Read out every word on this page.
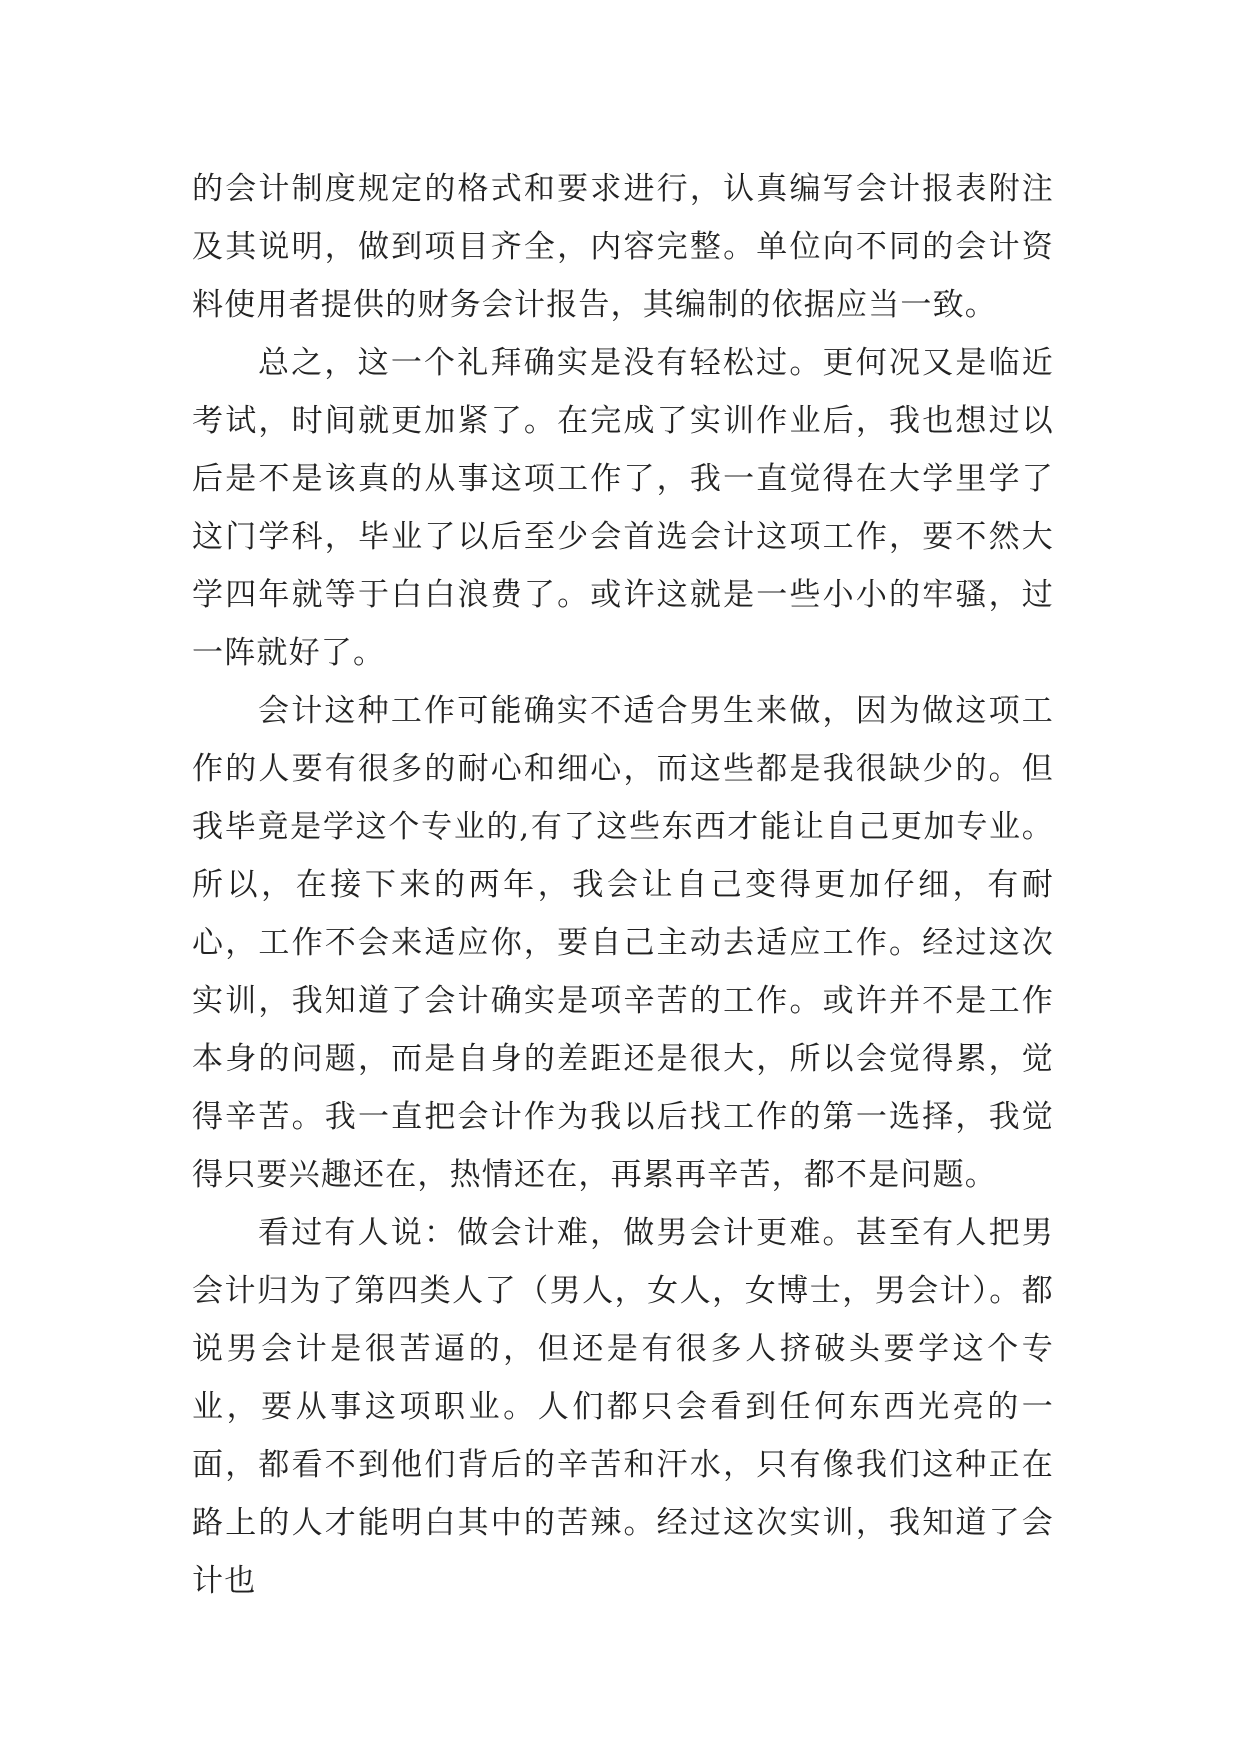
的会计制度规定的格式和要求进行，认真编写会计报表附注及其说明，做到项目齐全，内容完整。单位向不同的会计资料使用者提供的财务会计报告，其编制的依据应当一致。

总之，这一个礼拜确实是没有轻松过。更何况又是临近考试，时间就更加紧了。在完成了实训作业后，我也想过以后是不是该真的从事这项工作了，我一直觉得在大学里学了这门学科，毕业了以后至少会首选会计这项工作，要不然大学四年就等于白白浪费了。或许这就是一些小小的牢骚，过一阵就好了。

会计这种工作可能确实不适合男生来做，因为做这项工作的人要有很多的耐心和细心，而这些都是我很缺少的。但我毕竟是学这个专业的,有了这些东西才能让自己更加专业。所以，在接下来的两年，我会让自己变得更加仔细，有耐心，工作不会来适应你，要自己主动去适应工作。经过这次实训，我知道了会计确实是项辛苦的工作。或许并不是工作本身的问题，而是自身的差距还是很大，所以会觉得累，觉得辛苦。我一直把会计作为我以后找工作的第一选择，我觉得只要兴趣还在，热情还在，再累再辛苦，都不是问题。

看过有人说：做会计难，做男会计更难。甚至有人把男会计归为了第四类人了（男人，女人，女博士，男会计）。都说男会计是很苦逼的，但还是有很多人挤破头要学这个专业，要从事这项职业。人们都只会看到任何东西光亮的一面，都看不到他们背后的辛苦和汗水，只有像我们这种正在路上的人才能明白其中的苦辣。经过这次实训，我知道了会计也
